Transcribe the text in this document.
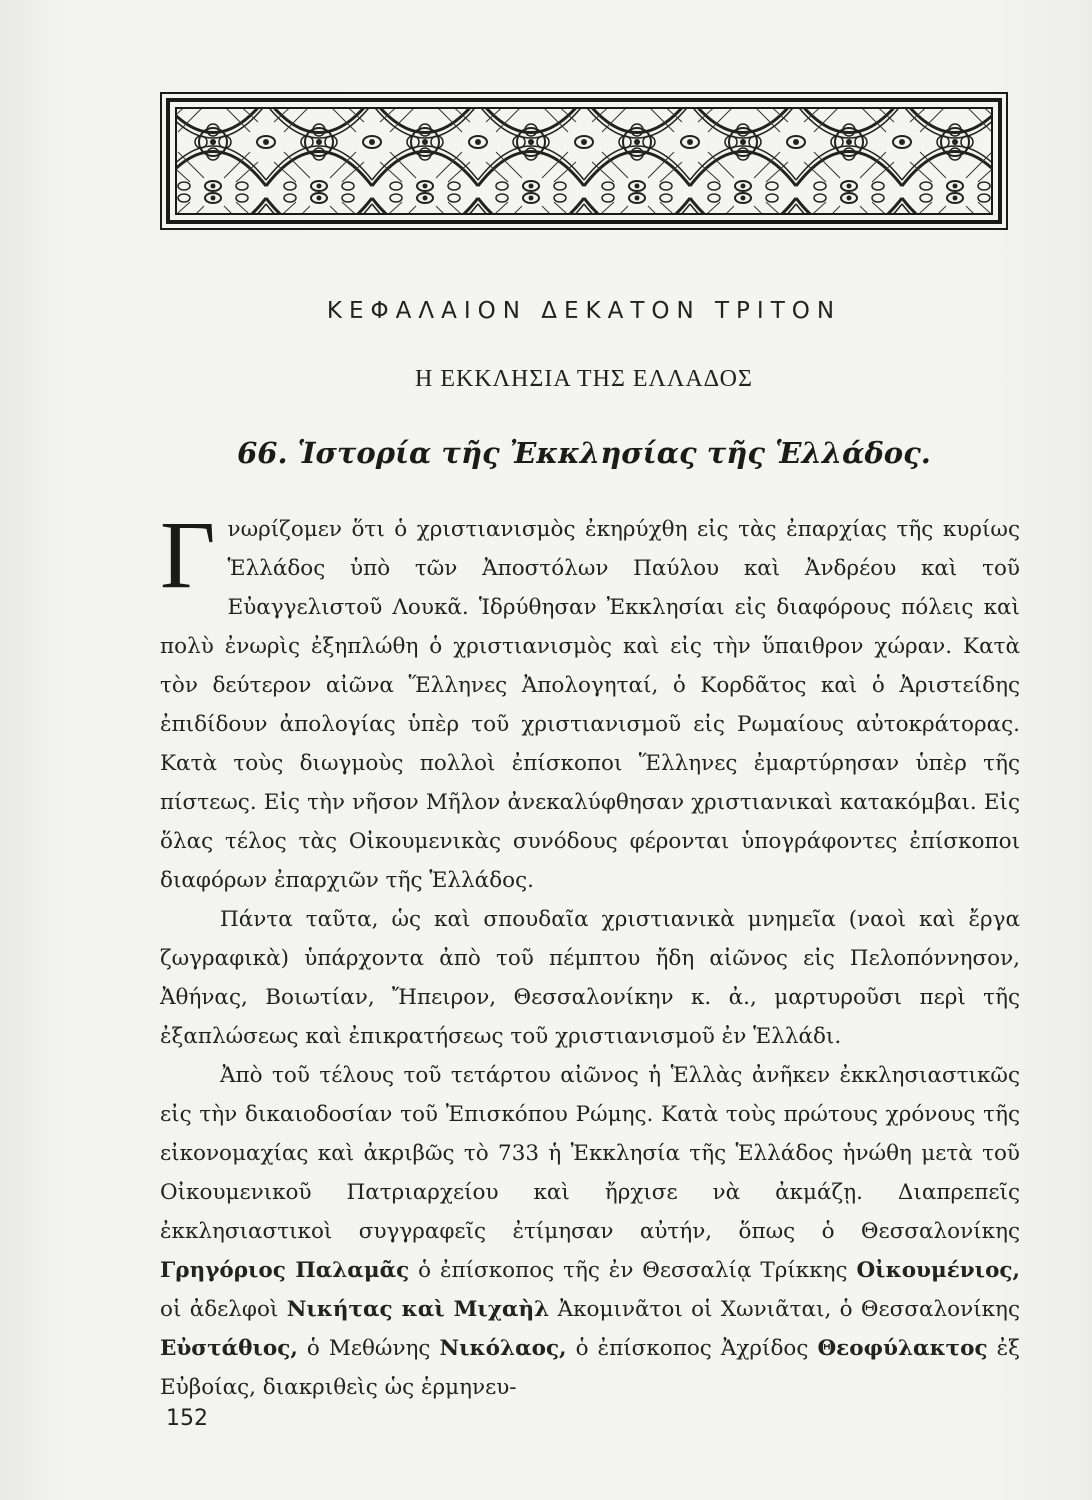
ΚΕΦΑΛΑΙΟΝ ΔΕΚΑΤΟΝ ΤΡΙΤΟΝ
Η ΕΚΚΛΗΣΙΑ ΤΗΣ ΕΛΛΑΔΟΣ
66. Ἱστορία τῆς Ἐκκλησίας τῆς Ἑλλάδος.

Γνωρίζομεν ὅτι ὁ χριστιανισμὸς ἐκηρύχθη εἰς τὰς ἐπαρχίας τῆς κυρίως Ἑλλάδος ὑπὸ τῶν Ἀποστόλων Παύλου καὶ Ἀνδρέου καὶ τοῦ Εὐαγγελιστοῦ Λουκᾶ. Ἱδρύθησαν Ἐκκλησίαι εἰς διαφόρους πόλεις καὶ πολὺ ἐνωρὶς ἐξηπλώθη ὁ χριστιανισμὸς καὶ εἰς τὴν ὕπαιθρον χώραν. Κατὰ τὸν δεύτερον αἰῶνα Ἕλληνες Ἀπολογηταί, ὁ Κορδᾶτος καὶ ὁ Ἀριστείδης ἐπιδίδουν ἀπολογίας ὑπὲρ τοῦ χριστιανισμοῦ εἰς Ρωμαίους αὐτοκράτορας. Κατὰ τοὺς διωγμοὺς πολλοὶ ἐπίσκοποι Ἕλληνες ἐμαρτύρησαν ὑπὲρ τῆς πίστεως. Εἰς τὴν νῆσον Μῆλον ἀνεκαλύφθησαν χριστιανικαὶ κατακόμβαι. Εἰς ὅλας τέλος τὰς Οἰκουμενικὰς συνόδους φέρονται ὑπογράφοντες ἐπίσκοποι διαφόρων ἐπαρχιῶν τῆς Ἑλλάδος.

Πάντα ταῦτα, ὡς καὶ σπουδαῖα χριστιανικὰ μνημεῖα (ναοὶ καὶ ἔργα ζωγραφικὰ) ὑπάρχοντα ἀπὸ τοῦ πέμπτου ἤδη αἰῶνος εἰς Πελοπόννησον, Ἀθήνας, Βοιωτίαν, Ἤπειρον, Θεσσαλονίκην κ. ἀ., μαρτυροῦσι περὶ τῆς ἐξαπλώσεως καὶ ἐπικρατήσεως τοῦ χριστιανισμοῦ ἐν Ἑλλάδι.

Ἀπὸ τοῦ τέλους τοῦ τετάρτου αἰῶνος ἡ Ἑλλὰς ἀνῆκεν ἐκκλησιαστικῶς εἰς τὴν δικαιοδοσίαν τοῦ Ἐπισκόπου Ρώμης. Κατὰ τοὺς πρώτους χρόνους τῆς εἰκονομαχίας καὶ ἀκριβῶς τὸ 733 ἡ Ἐκκλησία τῆς Ἑλλάδος ἡνώθη μετὰ τοῦ Οἰκουμενικοῦ Πατριαρχείου καὶ ἤρχισε νὰ ἀκμάζῃ. Διαπρεπεῖς ἐκκλησιαστικοὶ συγγραφεῖς ἐτίμησαν αὐτήν, ὅπως ὁ Θεσσαλονίκης Γρηγόριος Παλαμᾶς ὁ ἐπίσκοπος τῆς ἐν Θεσσαλίᾳ Τρίκκης Οἰκουμένιος, οἱ ἀδελφοὶ Νικήτας καὶ Μιχαὴλ Ἀκομινᾶτοι οἱ Χωνιᾶται, ὁ Θεσσαλονίκης Εὐστάθιος, ὁ Μεθώνης Νικόλαος, ὁ ἐπίσκοπος Ἀχρίδος Θεοφύλακτος ἐξ Εὐβοίας, διακριθεὶς ὡς ἑρμηνευ-

152
